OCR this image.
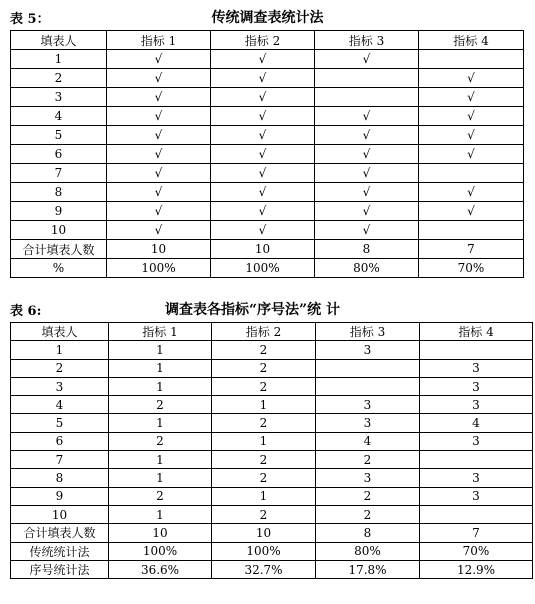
表 5：	传统调查表统计法
填表人	指标 1	指标 2	指标 3	指标 4
1	√	√	√	
2	√	√		√
3	√	√		√
4	√	√	√	√
5	√	√	√	√
6	√	√	√	√
7	√	√	√	
8	√	√	√	√
9	√	√	√	√
10	√	√	√	
合计填表人数	10	10	8	7
%	100%	100%	80%	70%
表 6:	调查表各指标“序号法”统 计
填表人	指标 1	指标 2	指标 3	指标 4
1	1	2	3	
2	1	2		3
3	1	2		3
4	2	1	3	3
5	1	2	3	4
6	2	1	4	3
7	1	2	2	
8	1	2	3	3
9	2	1	2	3
10	1	2	2	
合计填表人数	10	10	8	7
传统统计法	100%	100%	80%	70%
序号统计法	36.6%	32.7%	17.8%	12.9%
